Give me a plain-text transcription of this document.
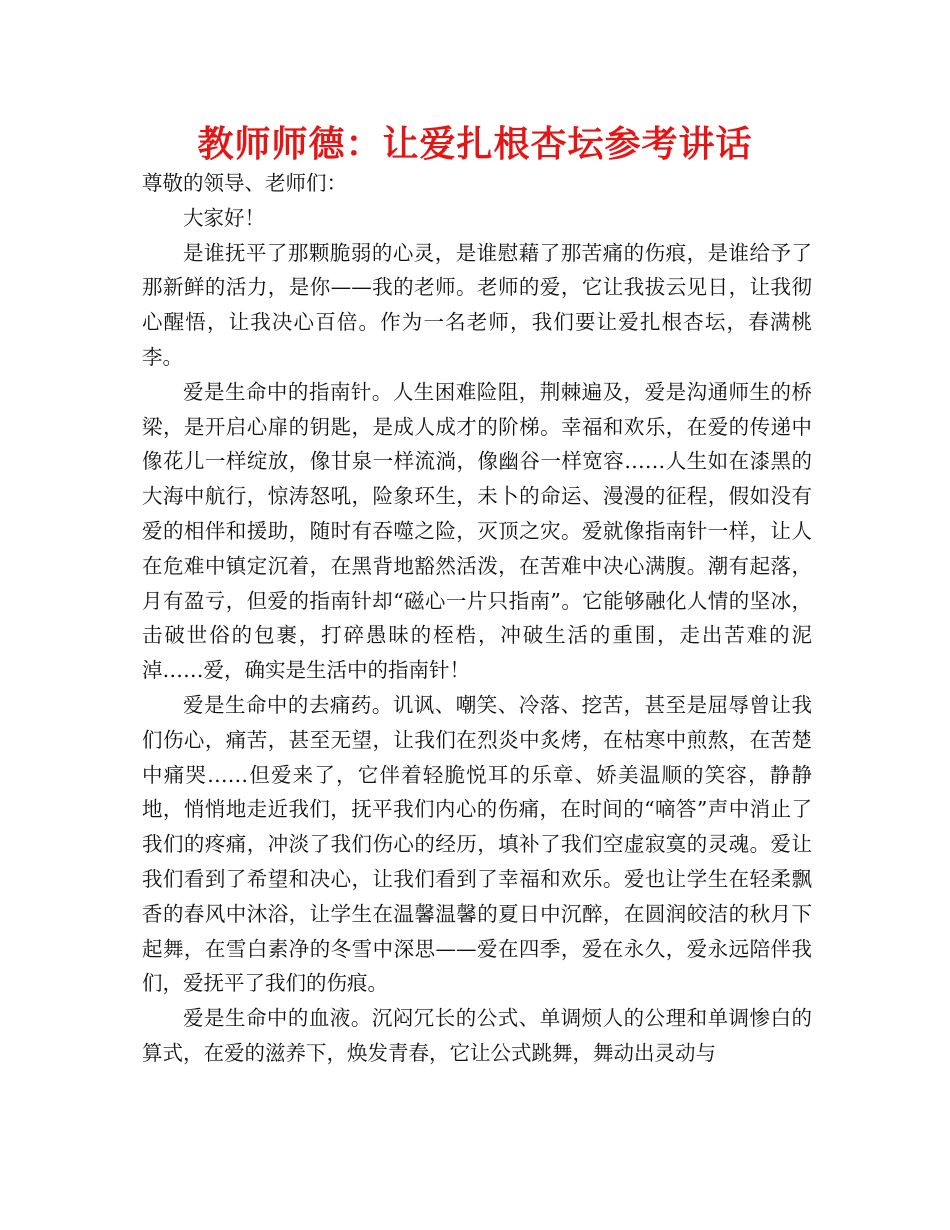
教师师德：让爱扎根杏坛参考讲话

尊敬的领导、老师们：

大家好！

是谁抚平了那颗脆弱的心灵，是谁慰藉了那苦痛的伤痕，是谁给予了那新鲜的活力，是你——我的老师。老师的爱，它让我拔云见日，让我彻心醒悟，让我决心百倍。作为一名老师，我们要让爱扎根杏坛，春满桃李。

爱是生命中的指南针。人生困难险阻，荆棘遍及，爱是沟通师生的桥梁，是开启心扉的钥匙，是成人成才的阶梯。幸福和欢乐，在爱的传递中像花儿一样绽放，像甘泉一样流淌，像幽谷一样宽容……人生如在漆黑的大海中航行，惊涛怒吼，险象环生，未卜的命运、漫漫的征程，假如没有爱的相伴和援助，随时有吞噬之险，灭顶之灾。爱就像指南针一样，让人在危难中镇定沉着，在黑背地豁然活泼，在苦难中决心满腹。潮有起落，月有盈亏，但爱的指南针却“磁心一片只指南”。它能够融化人情的坚冰，击破世俗的包裹，打碎愚昧的桎梏，冲破生活的重围，走出苦难的泥淖……爱，确实是生活中的指南针！

爱是生命中的去痛药。讥讽、嘲笑、冷落、挖苦，甚至是屈辱曾让我们伤心，痛苦，甚至无望，让我们在烈炎中炙烤，在枯寒中煎熬，在苦楚中痛哭……但爱来了，它伴着轻脆悦耳的乐章、娇美温顺的笑容，静静地，悄悄地走近我们，抚平我们内心的伤痛，在时间的“嘀答”声中消止了我们的疼痛，冲淡了我们伤心的经历，填补了我们空虚寂寞的灵魂。爱让我们看到了希望和决心，让我们看到了幸福和欢乐。爱也让学生在轻柔飘香的春风中沐浴，让学生在温馨温馨的夏日中沉醉，在圆润皎洁的秋月下起舞，在雪白素净的冬雪中深思——爱在四季，爱在永久，爱永远陪伴我们，爱抚平了我们的伤痕。

爱是生命中的血液。沉闷冗长的公式、单调烦人的公理和单调惨白的算式，在爱的滋养下，焕发青春，它让公式跳舞，舞动出灵动与
